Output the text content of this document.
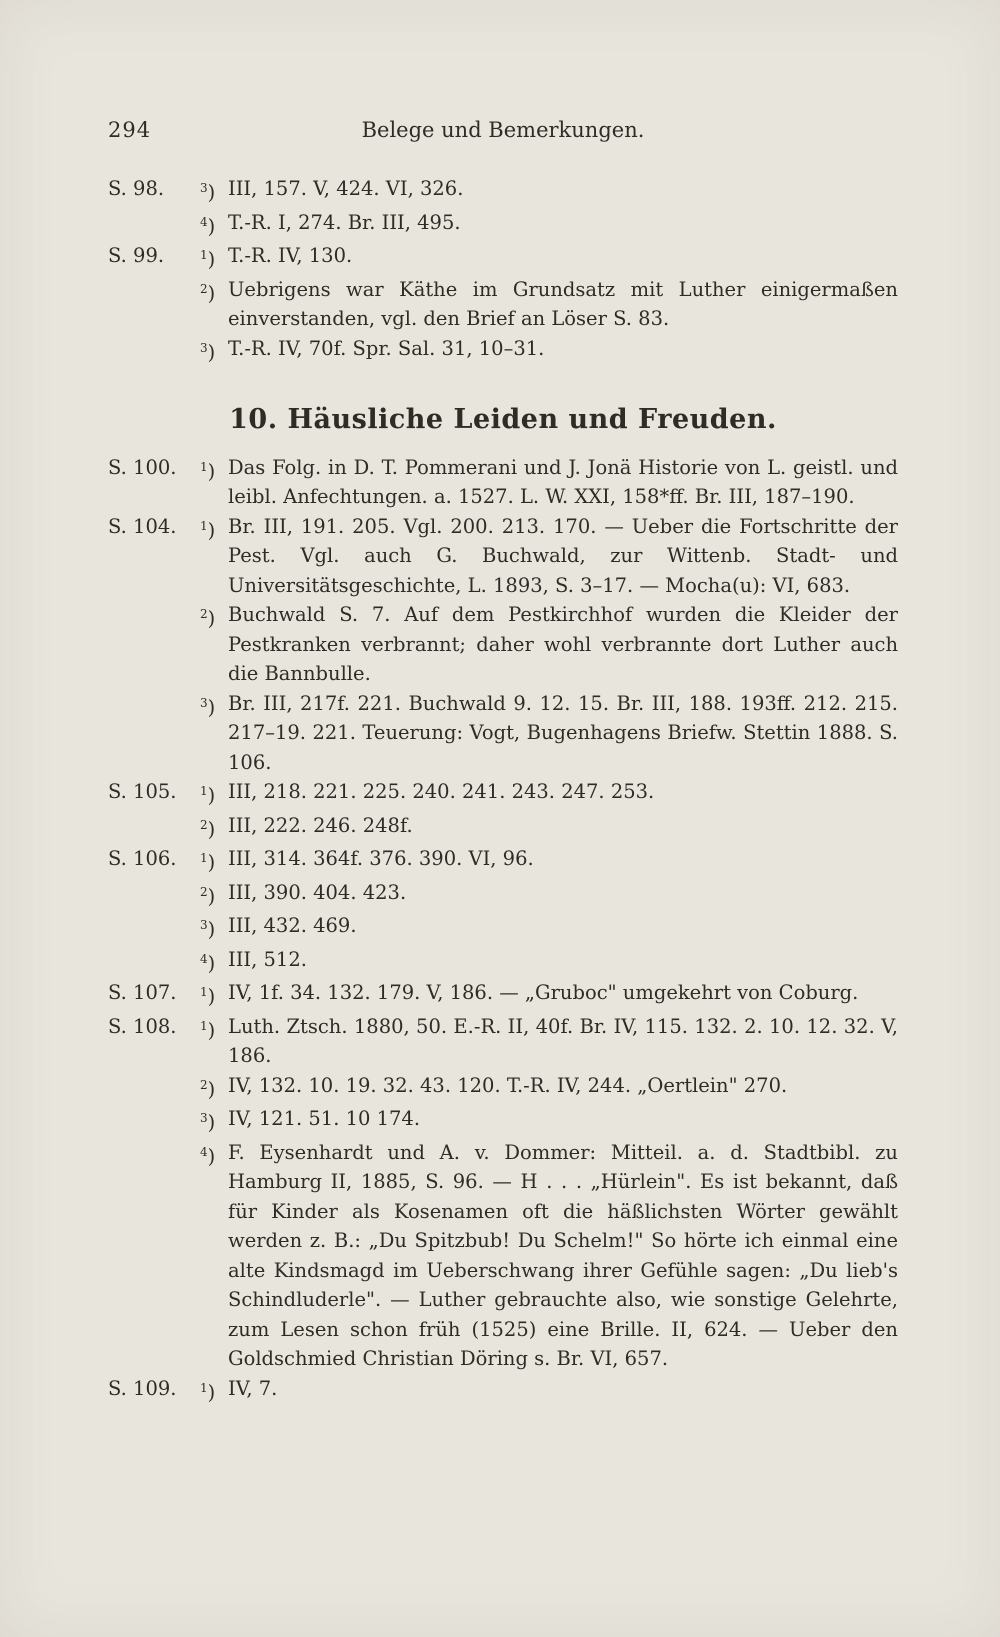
294	Belege und Bemerkungen.
S. 98.	$^3$) III, 157. V, 424. VI, 326.
$^4$) T.-R. I, 274. Br. III, 495.
S. 99.	$^1$) T.-R. IV, 130.
$^2$) Uebrigens war Käthe im Grundsatz mit Luther einigermaßen einverstanden, vgl. den Brief an Löser S. 83.
$^3$) T.-R. IV, 70f. Spr. Sal. 31, 10–31.
10. Häusliche Leiden und Freuden.
S. 100.	$^1$) Das Folg. in D. T. Pommerani und J. Jonä Historie von L. geistl. und leibl. Anfechtungen. a. 1527. L. W. XXI, 158*ff. Br. III, 187–190.
S. 104.	$^1$) Br. III, 191. 205. Vgl. 200. 213. 170. — Ueber die Fortschritte der Pest. Vgl. auch G. Buchwald, zur Wittenb. Stadt- und Universitätsgeschichte, L. 1893, S. 3–17. — Mocha(u): VI, 683.
$^2$) Buchwald S. 7. Auf dem Pestkirchhof wurden die Kleider der Pestkranken verbrannt; daher wohl verbrannte dort Luther auch die Bannbulle.
$^3$) Br. III, 217f. 221. Buchwald 9. 12. 15. Br. III, 188. 193ff. 212. 215. 217–19. 221. Teuerung: Vogt, Bugenhagens Briefw. Stettin 1888. S. 106.
S. 105.	$^1$) III, 218. 221. 225. 240. 241. 243. 247. 253.
$^2$) III, 222. 246. 248f.
S. 106.	$^1$) III, 314. 364f. 376. 390. VI, 96.
$^2$) III, 390. 404. 423.
$^3$) III, 432. 469.
$^4$) III, 512.
S. 107.	$^1$) IV, 1f. 34. 132. 179. V, 186. — „Gruboc" umgekehrt von Coburg.
S. 108.	$^1$) Luth. Ztsch. 1880, 50. E.-R. II, 40f. Br. IV, 115. 132. 2. 10. 12. 32. V, 186.
$^2$) IV, 132. 10. 19. 32. 43. 120. T.-R. IV, 244. „Oertlein" 270.
$^3$) IV, 121. 51. 10 174.
$^4$) F. Eysenhardt und A. v. Dommer: Mitteil. a. d. Stadtbibl. zu Hamburg II, 1885, S. 96. — H . . . „Hürlein". Es ist bekannt, daß für Kinder als Kosenamen oft die häßlichsten Wörter gewählt werden z. B.: „Du Spitzbub! Du Schelm!" So hörte ich einmal eine alte Kindsmagd im Ueberschwang ihrer Gefühle sagen: „Du lieb's Schindluderle". — Luther gebrauchte also, wie sonstige Gelehrte, zum Lesen schon früh (1525) eine Brille. II, 624. — Ueber den Goldschmied Christian Döring s. Br. VI, 657.
S. 109.	$^1$) IV, 7.
